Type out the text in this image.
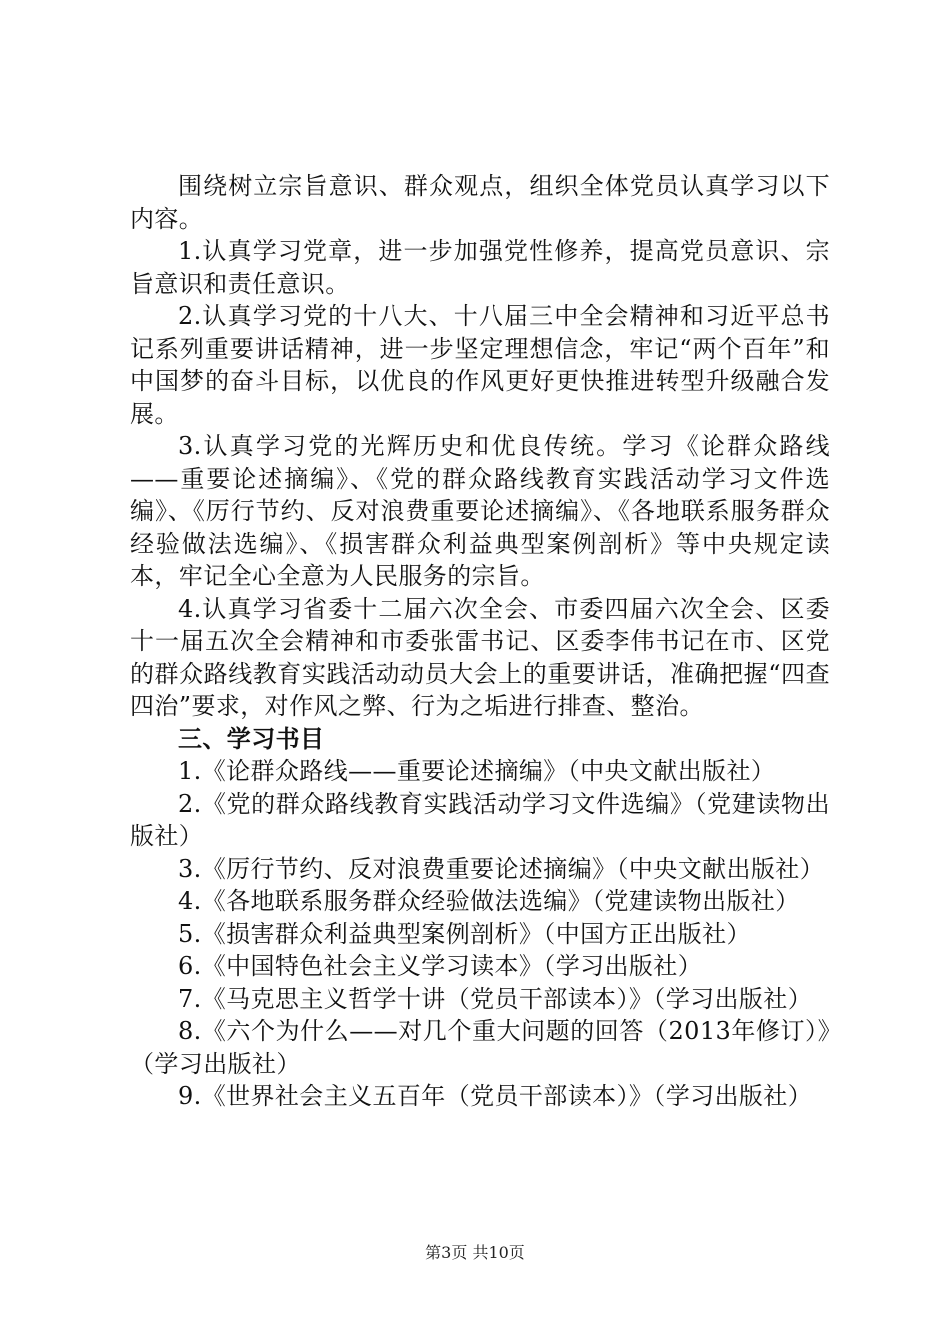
围绕树立宗旨意识、群众观点，组织全体党员认真学习以下内容。

1.认真学习党章，进一步加强党性修养，提高党员意识、宗旨意识和责任意识。

2.认真学习党的十八大、十八届三中全会精神和习近平总书记系列重要讲话精神，进一步坚定理想信念，牢记“两个百年”和中国梦的奋斗目标，以优良的作风更好更快推进转型升级融合发展。

3.认真学习党的光辉历史和优良传统。学习《论群众路线——重要论述摘编》、《党的群众路线教育实践活动学习文件选编》、《厉行节约、反对浪费重要论述摘编》、《各地联系服务群众经验做法选编》、《损害群众利益典型案例剖析》等中央规定读本，牢记全心全意为人民服务的宗旨。

4.认真学习省委十二届六次全会、市委四届六次全会、区委十一届五次全会精神和市委张雷书记、区委李伟书记在市、区党的群众路线教育实践活动动员大会上的重要讲话，准确把握“四查四治”要求，对作风之弊、行为之垢进行排查、整治。

三、学习书目

1.《论群众路线——重要论述摘编》（中央文献出版社）

2.《党的群众路线教育实践活动学习文件选编》（党建读物出版社）

3.《厉行节约、反对浪费重要论述摘编》（中央文献出版社）

4.《各地联系服务群众经验做法选编》（党建读物出版社）

5.《损害群众利益典型案例剖析》（中国方正出版社）

6.《中国特色社会主义学习读本》（学习出版社）

7.《马克思主义哲学十讲（党员干部读本）》（学习出版社）

8.《六个为什么——对几个重大问题的回答（2013年修订）》（学习出版社）

9.《世界社会主义五百年（党员干部读本）》（学习出版社）

第3页 共10页
